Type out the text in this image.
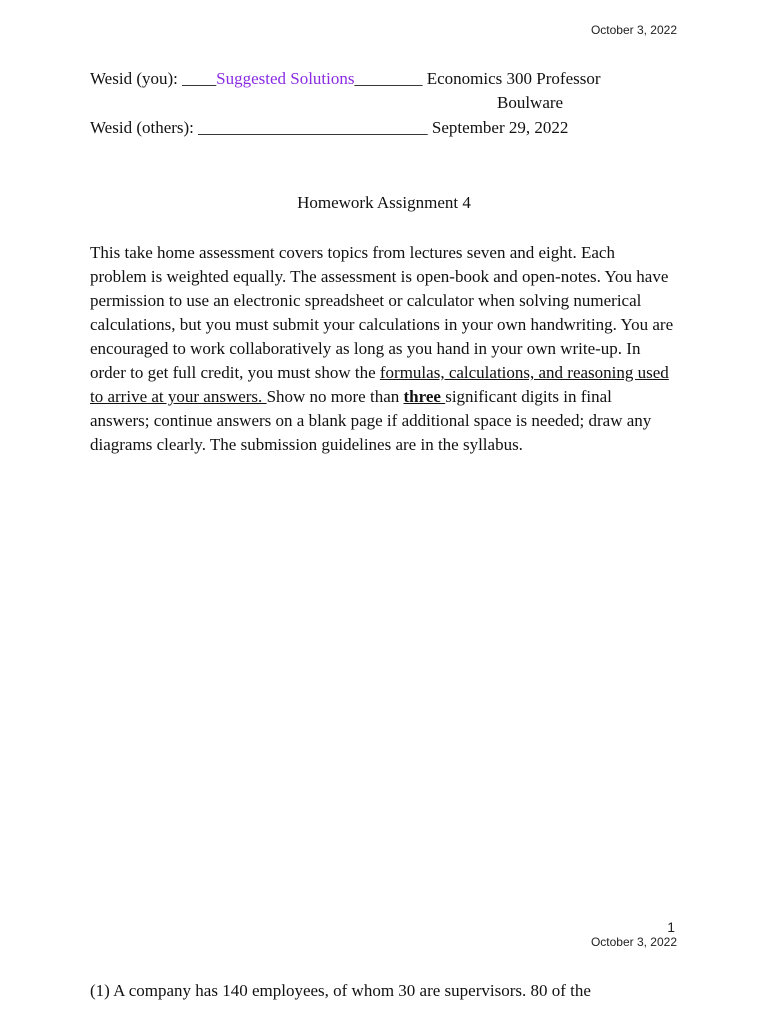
October 3, 2022
Wesid (you): ____Suggested Solutions________ Economics 300 Professor
Boulware
Wesid (others): ___________________________ September 29, 2022
Homework Assignment 4
This take home assessment covers topics from lectures seven and eight. Each problem is weighted equally. The assessment is open-book and open-notes. You have permission to use an electronic spreadsheet or calculator when solving numerical calculations, but you must submit your calculations in your own handwriting. You are encouraged to work collaboratively as long as you hand in your own write-up. In order to get full credit, you must show the formulas, calculations, and reasoning used to arrive at your answers. Show no more than three significant digits in final answers; continue answers on a blank page if additional space is needed; draw any diagrams clearly. The submission guidelines are in the syllabus.
1
October 3, 2022
(1) A company has 140 employees, of whom 30 are supervisors. 80 of the
